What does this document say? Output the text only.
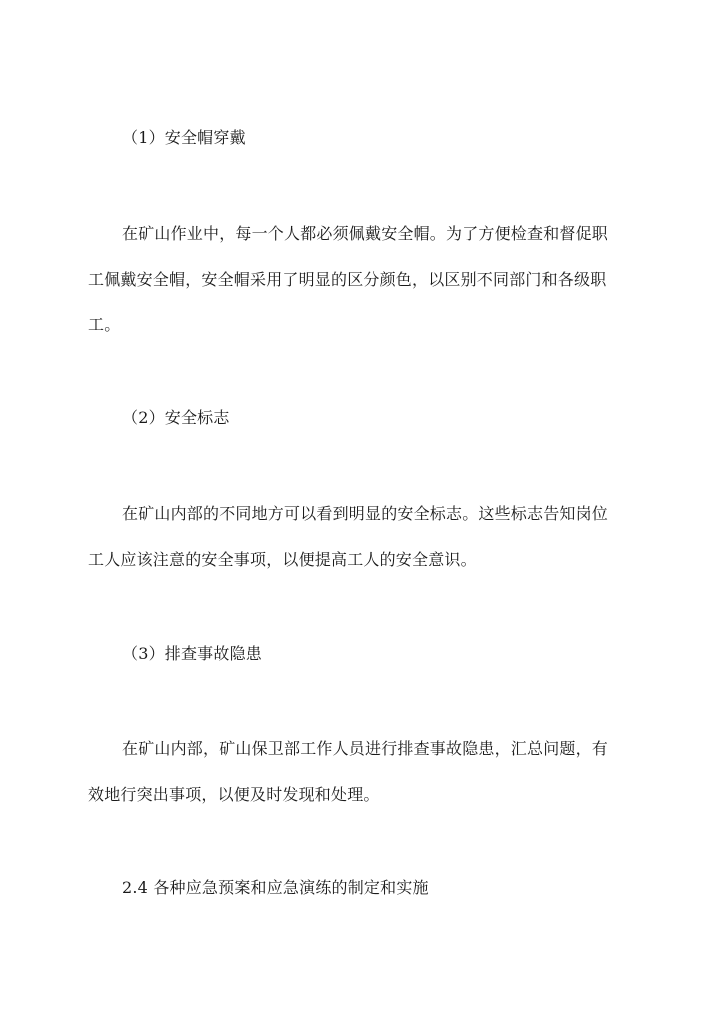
（1）安全帽穿戴
在矿山作业中，每一个人都必须佩戴安全帽。为了方便检查和督促职
工佩戴安全帽，安全帽采用了明显的区分颜色，以区别不同部门和各级职
工。
（2）安全标志
在矿山内部的不同地方可以看到明显的安全标志。这些标志告知岗位
工人应该注意的安全事项，以便提高工人的安全意识。
（3）排查事故隐患
在矿山内部，矿山保卫部工作人员进行排查事故隐患，汇总问题，有
效地行突出事项，以便及时发现和处理。
2.4 各种应急预案和应急演练的制定和实施
